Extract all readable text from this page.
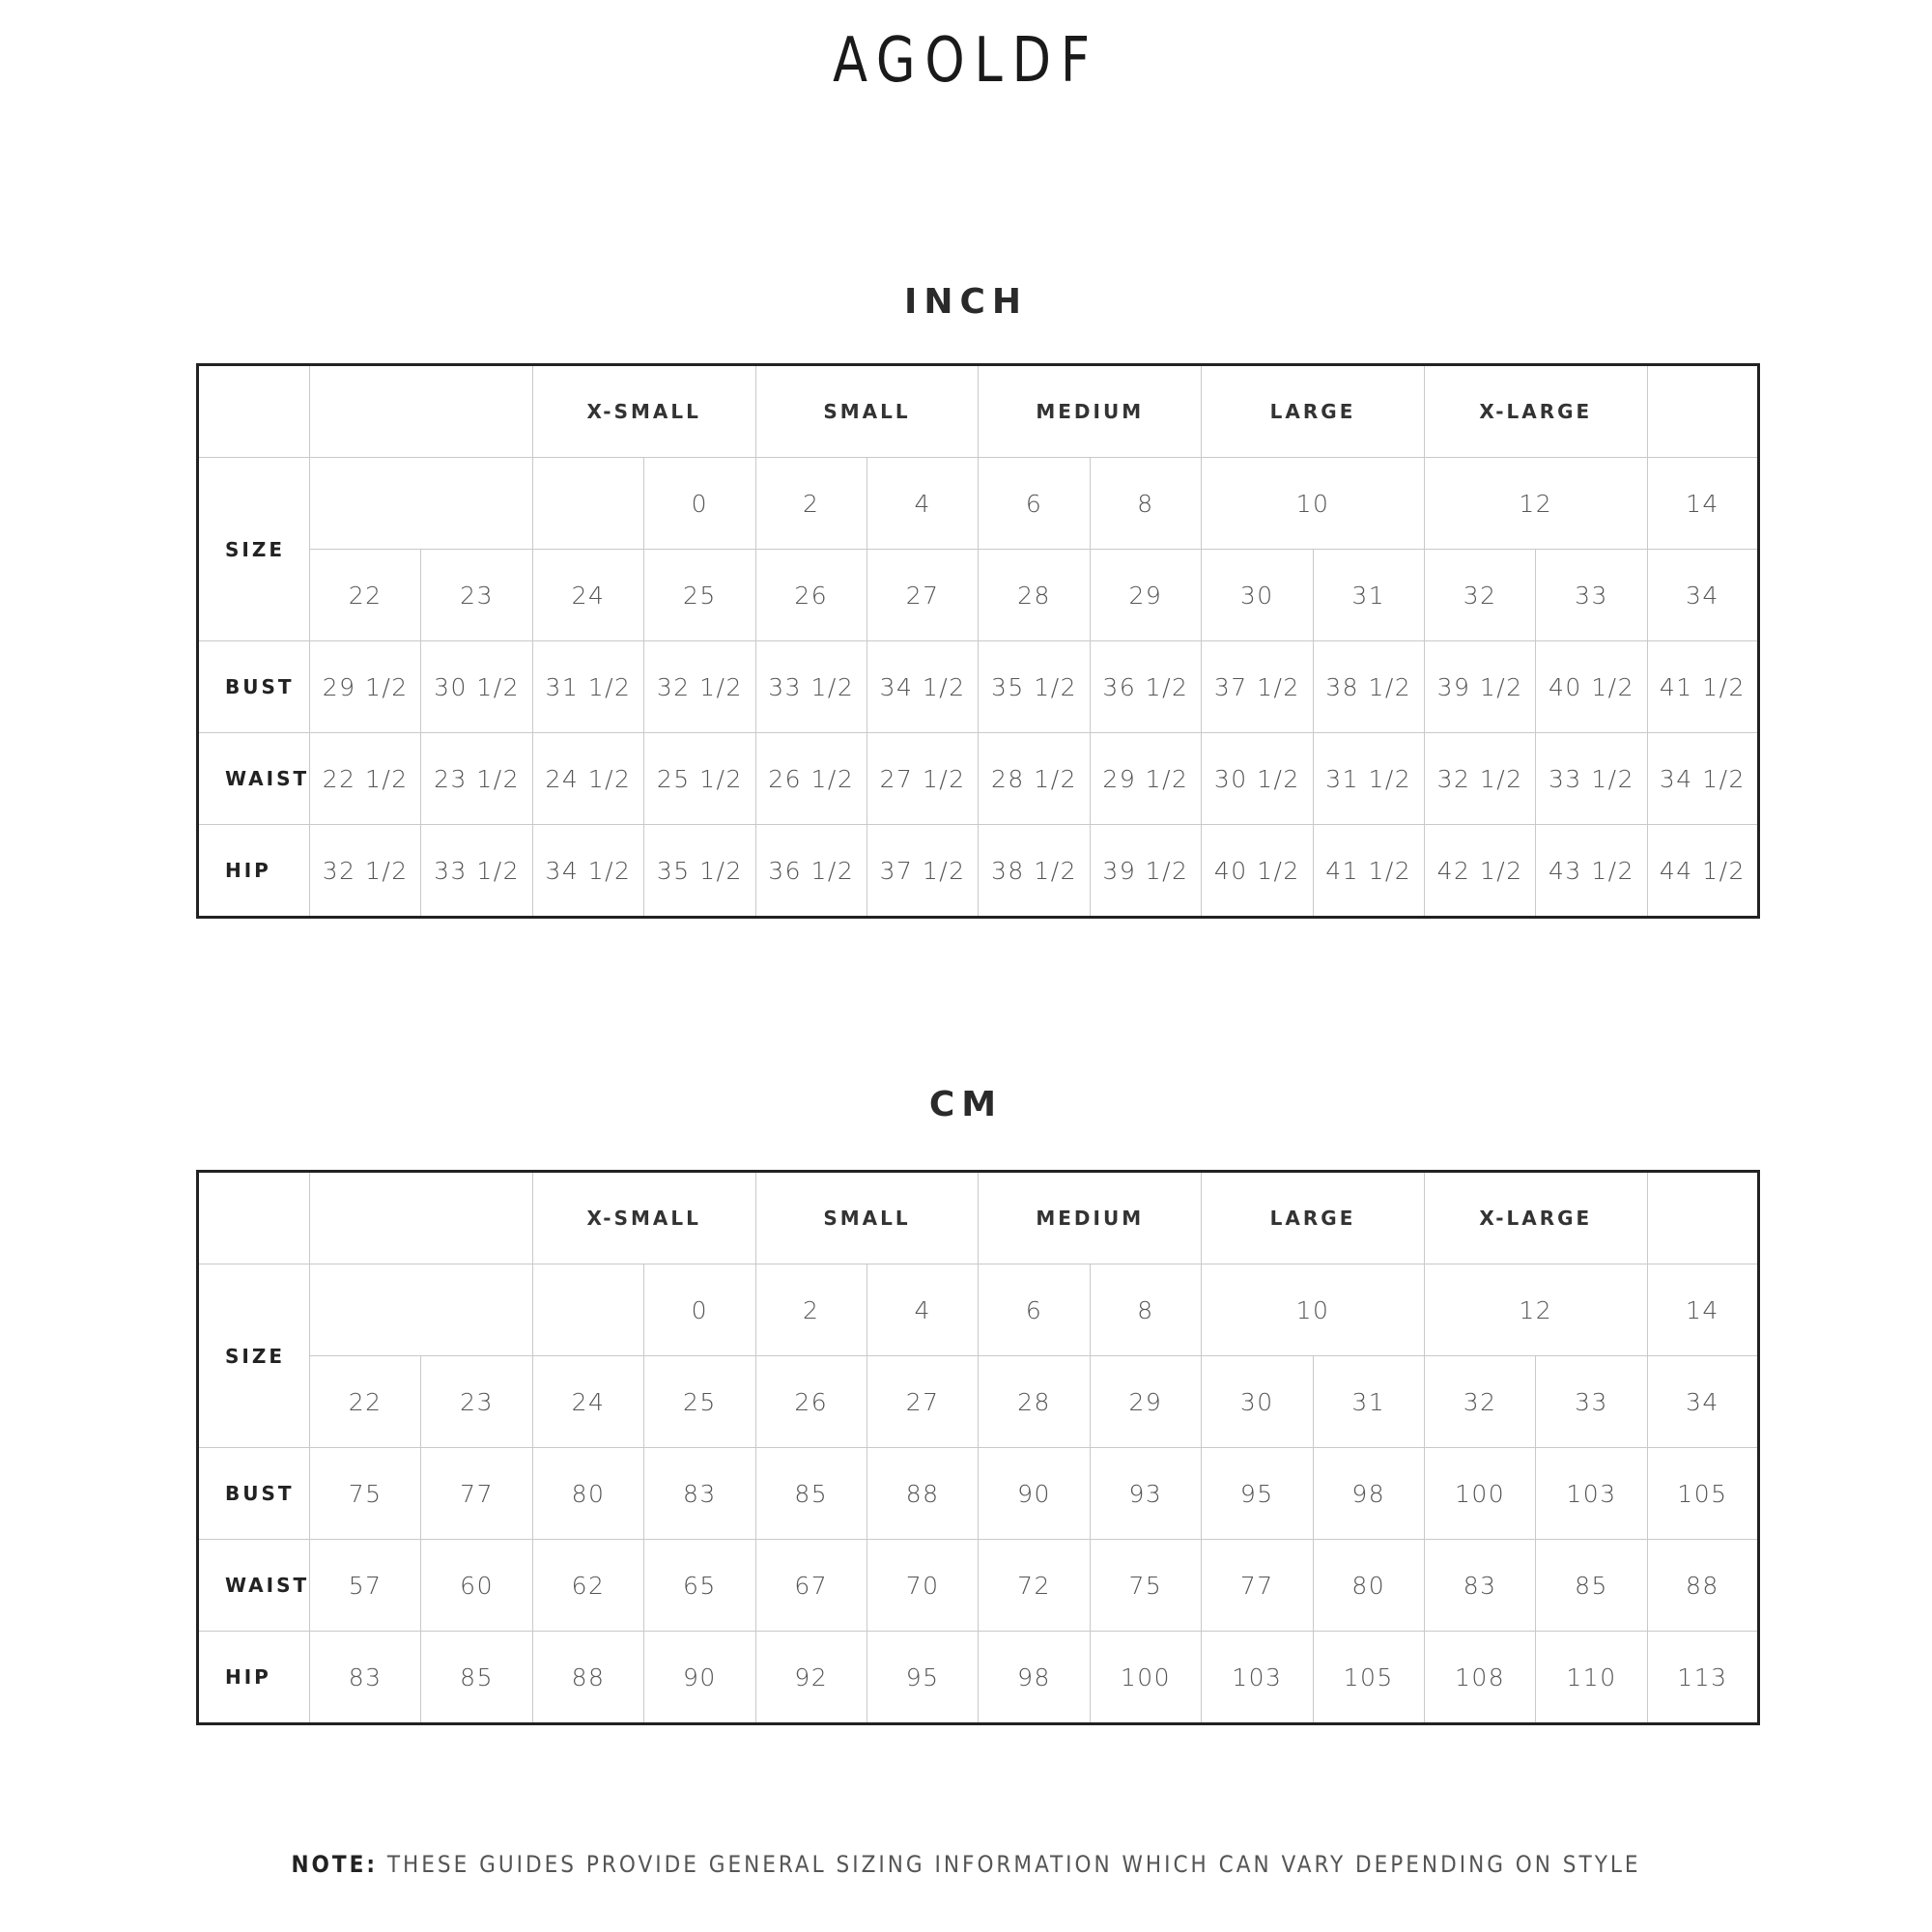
AGOLDF
INCH
			X-SMALL		SMALL		MEDIUM		LARGE		X-LARGE		
SIZE				0	2	4	6	8	10		12		14
	22	23	24	25	26	27	28	29	30	31	32	33	34
BUST	29 1/2	30 1/2	31 1/2	32 1/2	33 1/2	34 1/2	35 1/2	36 1/2	37 1/2	38 1/2	39 1/2	40 1/2	41 1/2
WAIST	22 1/2	23 1/2	24 1/2	25 1/2	26 1/2	27 1/2	28 1/2	29 1/2	30 1/2	31 1/2	32 1/2	33 1/2	34 1/2
HIP	32 1/2	33 1/2	34 1/2	35 1/2	36 1/2	37 1/2	38 1/2	39 1/2	40 1/2	41 1/2	42 1/2	43 1/2	44 1/2
CM
			X-SMALL		SMALL		MEDIUM		LARGE		X-LARGE		
SIZE				0	2	4	6	8	10		12		14
	22	23	24	25	26	27	28	29	30	31	32	33	34
BUST	75	77	80	83	85	88	90	93	95	98	100	103	105
WAIST	57	60	62	65	67	70	72	75	77	80	83	85	88
HIP	83	85	88	90	92	95	98	100	103	105	108	110	113
NOTE: THESE GUIDES PROVIDE GENERAL SIZING INFORMATION WHICH CAN VARY DEPENDING ON STYLE
